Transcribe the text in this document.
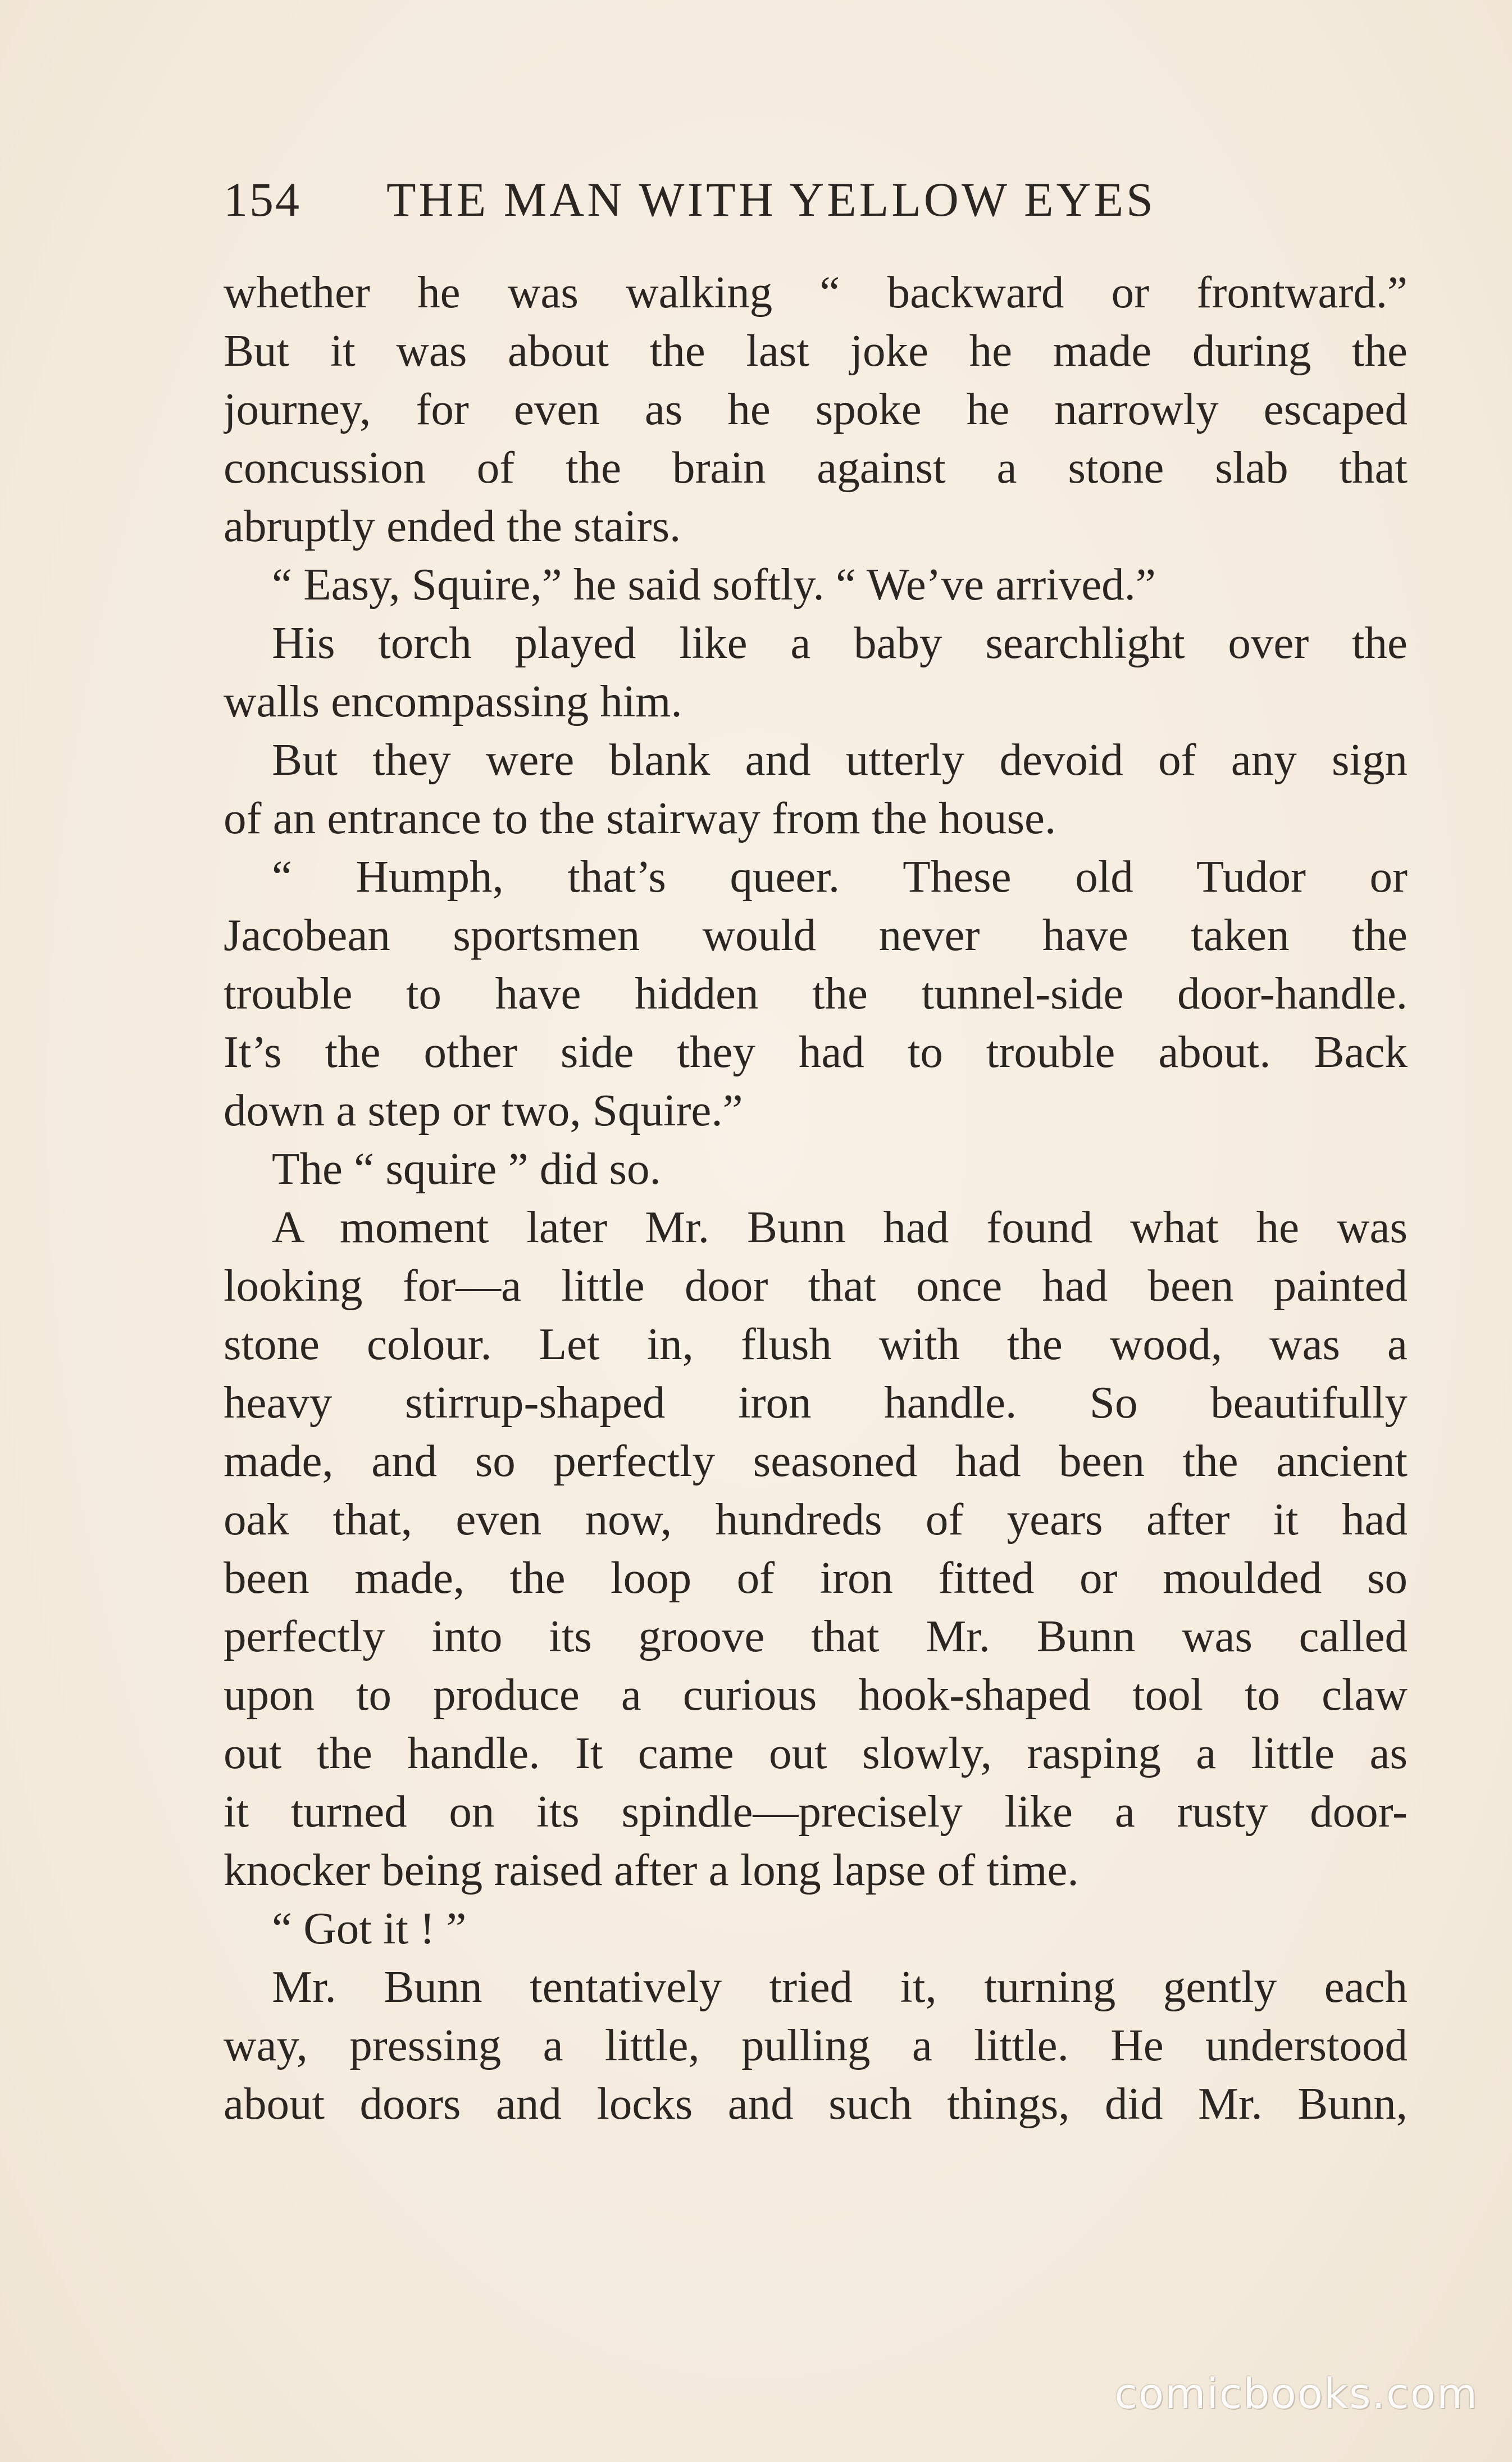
154 THE MAN WITH YELLOW EYES
whether he was walking “ backward or frontward.”
But it was about the last joke he made during the
journey, for even as he spoke he narrowly escaped
concussion of the brain against a stone slab that
abruptly ended the stairs.
“ Easy, Squire,” he said softly. “ We’ve arrived.”
His torch played like a baby searchlight over the
walls encompassing him.
But they were blank and utterly devoid of any sign
of an entrance to the stairway from the house.
“ Humph, that’s queer. These old Tudor or
Jacobean sportsmen would never have taken the
trouble to have hidden the tunnel-side door-handle.
It’s the other side they had to trouble about. Back
down a step or two, Squire.”
The “ squire ” did so.
A moment later Mr. Bunn had found what he was
looking for—a little door that once had been painted
stone colour. Let in, flush with the wood, was a
heavy stirrup-shaped iron handle. So beautifully
made, and so perfectly seasoned had been the ancient
oak that, even now, hundreds of years after it had
been made, the loop of iron fitted or moulded so
perfectly into its groove that Mr. Bunn was called
upon to produce a curious hook-shaped tool to claw
out the handle. It came out slowly, rasping a little as
it turned on its spindle—precisely like a rusty door-
knocker being raised after a long lapse of time.
“ Got it ! ”
Mr. Bunn tentatively tried it, turning gently each
way, pressing a little, pulling a little. He understood
about doors and locks and such things, did Mr. Bunn,
comicbooks.com
